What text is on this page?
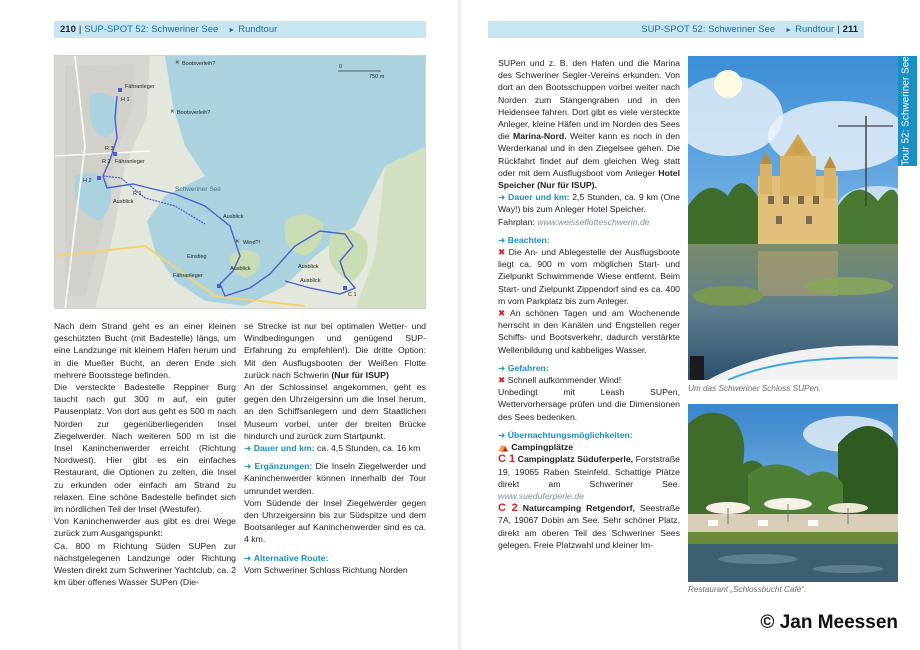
210 | SUP-SPOT 52: Schweriner See ► Rundtour
0
750 m
✕ Bootsverleih?
Fähranleger
H 1
✕ Bootsverleih?
R 3
R 2 Fähranleger
H 2
R 1
Ausblick
Schweriner See
Ausblick
✕ Wind?!
Einstieg
Ausblick
Fähranleger
Ausblick
Ausblick
C 1

Nach dem Strand geht es an einer kleinen geschützten Bucht (mit Badestelle) längs, um eine Landzunge mit kleinem Hafen herum und in die Mueßer Bucht, an deren Ende sich mehrere Bootsstege befinden.

Die versteckte Badestelle Reppiner Burg taucht nach gut 300 m auf, ein guter Pausenplatz. Von dort aus geht es 500 m nach Norden zur gegenüberliegenden Insel Ziegelwerder. Nach weiteren 500 m ist die Insel Kaninchenwerder erreicht (Richtung Nordwest). Hier gibt es ein einfaches Restaurant, die Optionen zu zelten, die Insel zu erkunden oder einfach am Strand zu relaxen. Eine schöne Badestelle befindet sich im nördlichen Teil der Insel (Westufer).

Von Kaninchenwerder aus gibt es drei Wege zurück zum Ausgangspunkt:

Ca. 800 m Richtung Süden SUPen zur nächstgelegenen Landzunge oder Richtung Westen direkt zum Schweriner Yachtclub, ca. 2 km über offenes Wasser SUPen (Die-

se Strecke ist nur bei optimalen Wetter- und Windbedingungen und genügend SUP-Erfahrung zu empfehlen!). Die dritte Option: Mit den Ausflugsbooten der Weißen Flotte zurück nach Schwerin (Nur für ISUP)

An der Schlossinsel angekommen, geht es gegen den Uhrzeigersinn um die Insel herum, an den Schiffsanlegern und dem Staatlichen Museum vorbei, unter der breiten Brücke hindurch und zurück zum Startpunkt.

➜ Dauer und km: ca. 4,5 Stunden, ca. 16 km

➜ Ergänzungen: Die Inseln Ziegelwerder und Kaninchenwerder können innerhalb der Tour umrundet werden.

Vom Südende der Insel Ziegelwerder gegen den Uhrzeigersinn bis zur Südspitze und dem Bootsanleger auf Kaninchenwerder sind es ca. 4 km.

➜ Alternative Route:

Vom Schweriner Schloss Richtung Norden

SUP-SPOT 52: Schweriner See ► Rundtour | 211
Tour 52: Schweriner See

SUPen und z. B. den Hafen und die Marina des Schweriner Segler-Vereins erkunden. Von dort an den Bootsschuppen vorbei weiter nach Norden zum Stangengraben und in den Heidensee fahren. Dort gibt es viele versteckte Anleger, kleine Häfen und im Norden des Sees die Marina-Nord. Weiter kann es noch in den Werderkanal und in den Ziegelsee gehen. Die Rückfahrt findet auf dem gleichen Weg statt oder mit dem Ausflugsboot vom Anleger Hotel Speicher (Nur für ISUP).

➜ Dauer und km: 2,5 Stunden, ca. 9 km (One Way!) bis zum Anleger Hotel Speicher.

Fahrplan: www.weisseflotteschwerin.de

➜ Beachten:

✖ Die An- und Ablegestelle der Ausflugsboote liegt ca. 900 m vom möglichen Start- und Zielpunkt Schwimmende Wiese entfernt. Beim Start- und Zielpunkt Zippendorf sind es ca. 400 m vom Parkplatz bis zum Anleger.

✖ An schönen Tagen und am Wochenende herrscht in den Kanälen und Engstellen reger Schiffs- und Bootsverkehr, dadurch verstärkte Wellenbildung und kabbeliges Wasser.

➜ Gefahren:

✖ Schnell aufkommender Wind!

Unbedingt mit Leash SUPen, Wettervorhersage prüfen und die Dimensionen des Sees bedenken.

➜ Übernachtungsmöglichkeiten:

⛺ Campingplätze

C 1 Campingplatz Süduferperle, Forststraße 19, 19065 Raben Steinfeld. Schattige Plätze direkt am Schweriner See. www.sueduferperle.de

C 2 Naturcamping Retgendorf, Seestraße 7A, 19067 Dobin am See. Sehr schöner Platz, direkt am oberen Teil des Schweriner Sees gelegen. Freie Platzwahl und kleiner Im-

Um das Schweriner Schloss SUPen.
Restaurant „Schlossbucht Café“.
© Jan Meessen
